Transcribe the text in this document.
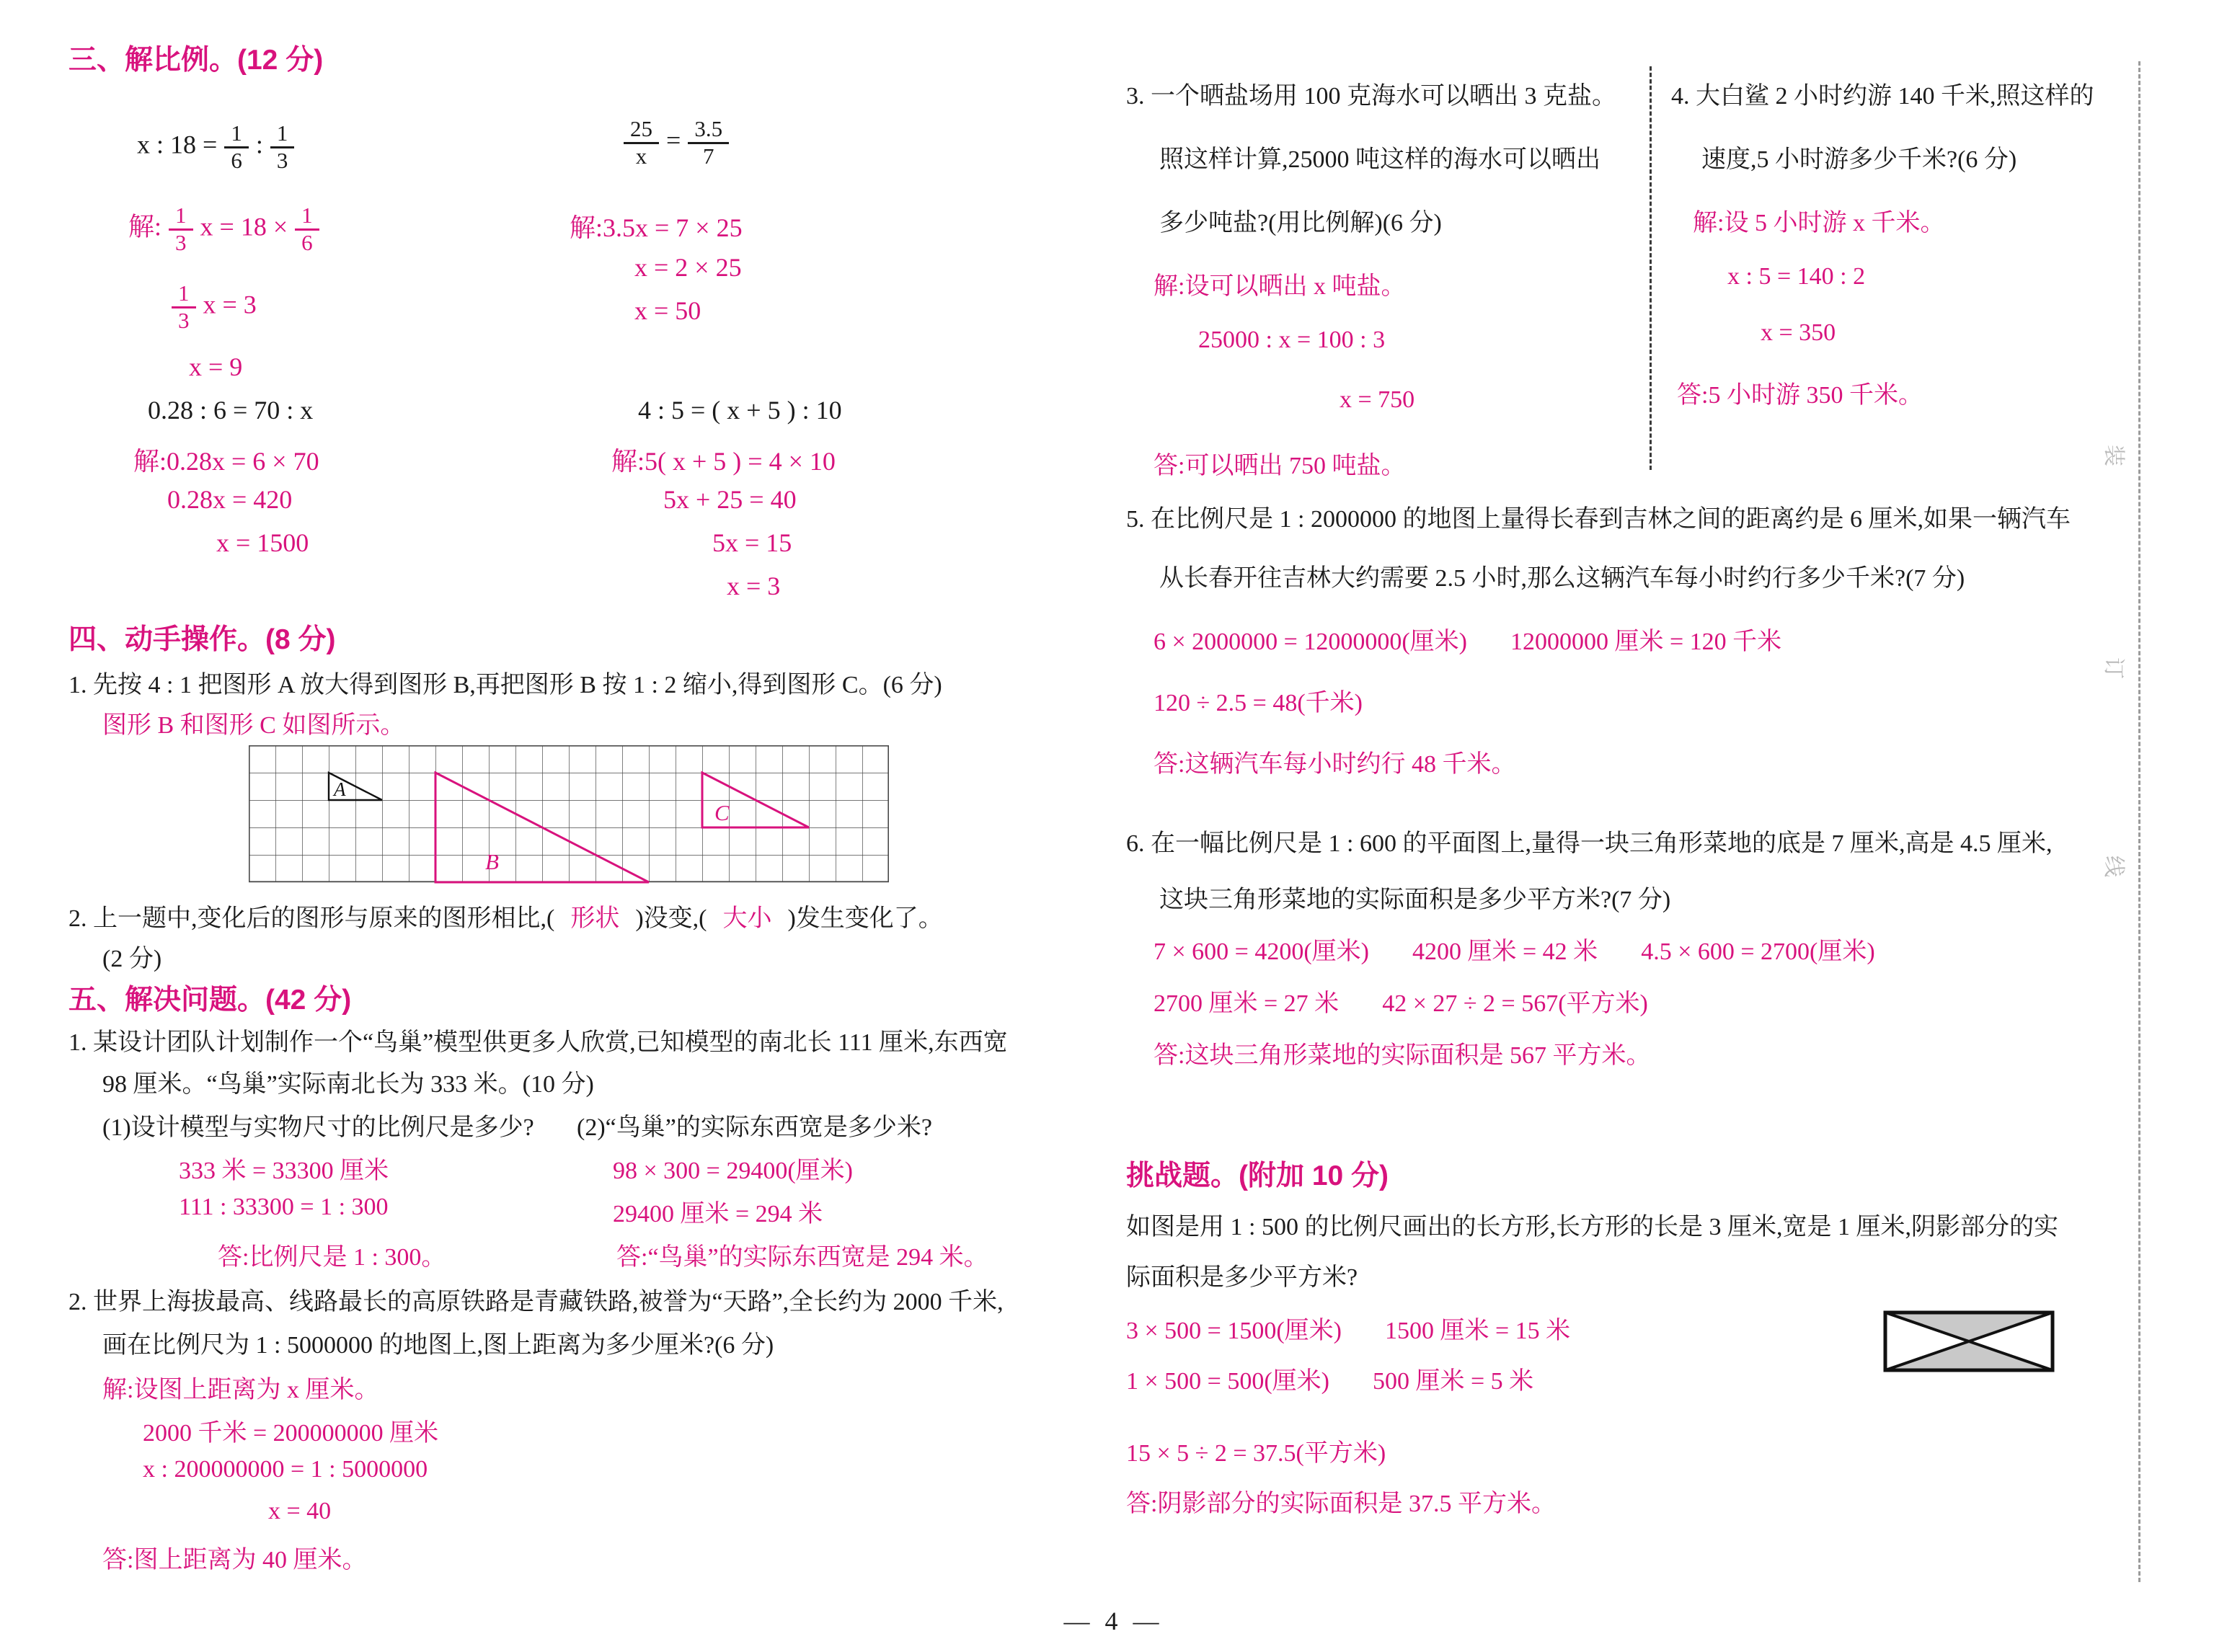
三、解比例。(12 分)
x : $18 = \frac{1}{6}$ : $\frac{1}{3}$
解: $\frac{1}{3}$ $x = 18 \times \frac{1}{6}$
$\frac{1}{3}$ x = 3
x = 9
$\frac{25}{x} = \frac{3.5}{7}$
解:3.5x = 7 × 25
x = 2 × 25
x = 50
0.28 : 6 = 70 : x
解:0.28x = 6 × 70
0.28x = 420
x = 1500
4 : 5 = ( x + 5 ) : 10
解:5( x + 5 ) = 4 × 10
5x + 25 = 40
5x = 15
x = 3
四、动手操作。(8 分)
1. 先按 4 : 1 把图形 A 放大得到图形 B,再把图形 B 按 1 : 2 缩小,得到图形 C。(6 分)
图形 B 和图形 C 如图所示。
A
B
C
2. 上一题中,变化后的图形与原来的图形相比,( 形状 )没变,( 大小 )发生变化了。
(2 分)
五、解决问题。(42 分)
1. 某设计团队计划制作一个“鸟巢”模型供更多人欣赏,已知模型的南北长 111 厘米,东西宽
98 厘米。“鸟巢”实际南北长为 333 米。(10 分)
(1)设计模型与实物尺寸的比例尺是多少? (2)“鸟巢”的实际东西宽是多少米?
333 米 = 33300 厘米
111 : 33300 = 1 : 300
答:比例尺是 1 : 300。
98 × 300 = 29400(厘米)
29400 厘米 = 294 米
答:“鸟巢”的实际东西宽是 294 米。
2. 世界上海拔最高、线路最长的高原铁路是青藏铁路,被誉为“天路”,全长约为 2000 千米,
画在比例尺为 1 : 5000000 的地图上,图上距离为多少厘米?(6 分)
解:设图上距离为 x 厘米。
2000 千米 = 200000000 厘米
x : 200000000 = 1 : 5000000
x = 40
答:图上距离为 40 厘米。
3. 一个晒盐场用 100 克海水可以晒出 3 克盐。
照这样计算,25000 吨这样的海水可以晒出
多少吨盐?(用比例解)(6 分)
解:设可以晒出 x 吨盐。
25000 : x = 100 : 3
x = 750
答:可以晒出 750 吨盐。
4. 大白鲨 2 小时约游 140 千米,照这样的
速度,5 小时游多少千米?(6 分)
解:设 5 小时游 x 千米。
x : 5 = 140 : 2
x = 350
答:5 小时游 350 千米。
5. 在比例尺是 1 : 2000000 的地图上量得长春到吉林之间的距离约是 6 厘米,如果一辆汽车
从长春开往吉林大约需要 2.5 小时,那么这辆汽车每小时约行多少千米?(7 分)
6 × 2000000 = 12000000(厘米) 12000000 厘米 = 120 千米
120 ÷ 2.5 = 48(千米)
答:这辆汽车每小时约行 48 千米。
6. 在一幅比例尺是 1 : 600 的平面图上,量得一块三角形菜地的底是 7 厘米,高是 4.5 厘米,
这块三角形菜地的实际面积是多少平方米?(7 分)
7 × 600 = 4200(厘米) 4200 厘米 = 42 米 4.5 × 600 = 2700(厘米)
2700 厘米 = 27 米 42 × 27 ÷ 2 = 567(平方米)
答:这块三角形菜地的实际面积是 567 平方米。
挑战题。(附加 10 分)
如图是用 1 : 500 的比例尺画出的长方形,长方形的长是 3 厘米,宽是 1 厘米,阴影部分的实
际面积是多少平方米?
3 × 500 = 1500(厘米) 1500 厘米 = 15 米
1 × 500 = 500(厘米) 500 厘米 = 5 米
15 × 5 ÷ 2 = 37.5(平方米)
答:阴影部分的实际面积是 37.5 平方米。
装
订
线
— 4 —
